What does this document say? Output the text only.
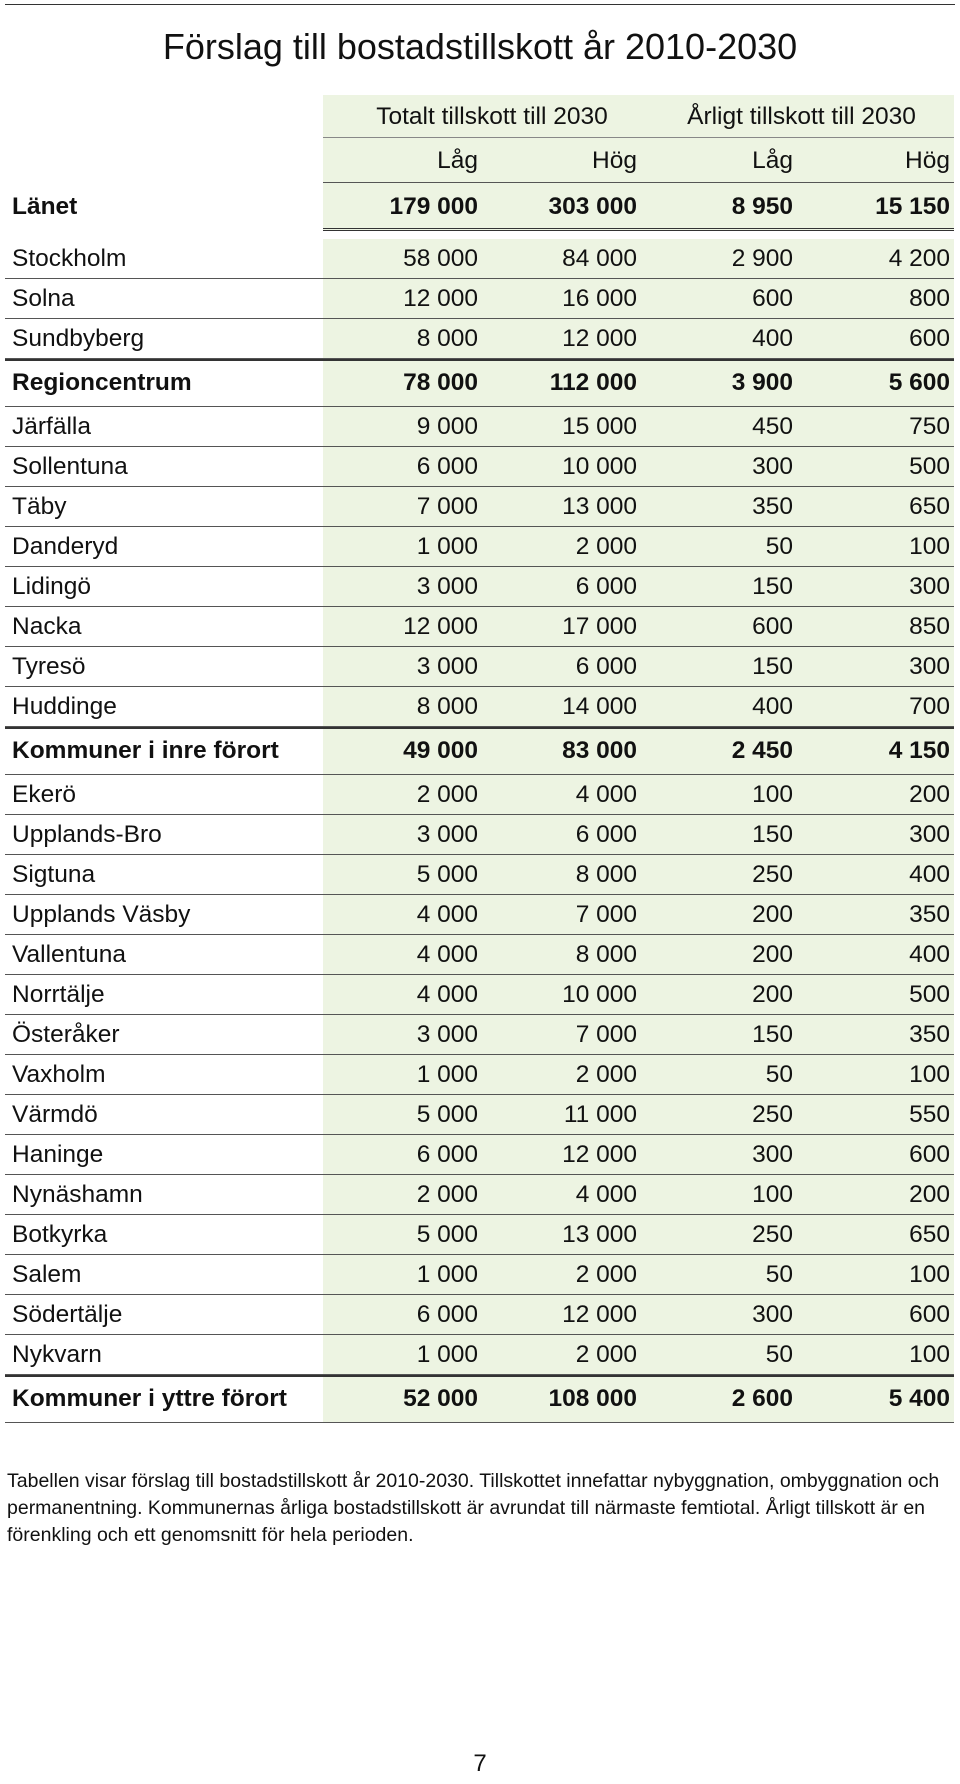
Förslag till bostadstillskott år 2010-2030
Totalt tillskott till 2030	Årligt tillskott till 2030
Låg	Hög	Låg	Hög
Länet	179 000	303 000	8 950	15 150
Stockholm	58 000	84 000	2 900	4 200
Solna	12 000	16 000	600	800
Sundbyberg	8 000	12 000	400	600
Regioncentrum	78 000	112 000	3 900	5 600
Järfälla	9 000	15 000	450	750
Sollentuna	6 000	10 000	300	500
Täby	7 000	13 000	350	650
Danderyd	1 000	2 000	50	100
Lidingö	3 000	6 000	150	300
Nacka	12 000	17 000	600	850
Tyresö	3 000	6 000	150	300
Huddinge	8 000	14 000	400	700
Kommuner i inre förort	49 000	83 000	2 450	4 150
Ekerö	2 000	4 000	100	200
Upplands-Bro	3 000	6 000	150	300
Sigtuna	5 000	8 000	250	400
Upplands Väsby	4 000	7 000	200	350
Vallentuna	4 000	8 000	200	400
Norrtälje	4 000	10 000	200	500
Österåker	3 000	7 000	150	350
Vaxholm	1 000	2 000	50	100
Värmdö	5 000	11 000	250	550
Haninge	6 000	12 000	300	600
Nynäshamn	2 000	4 000	100	200
Botkyrka	5 000	13 000	250	650
Salem	1 000	2 000	50	100
Södertälje	6 000	12 000	300	600
Nykvarn	1 000	2 000	50	100
Kommuner i yttre förort	52 000	108 000	2 600	5 400
Tabellen visar förslag till bostadstillskott år 2010-2030. Tillskottet innefattar nybyggnation, ombyggnation och permanentning. Kommunernas årliga bostadstillskott är avrundat till närmaste femtiotal. Årligt tillskott är en förenkling och ett genomsnitt för hela perioden.
7
